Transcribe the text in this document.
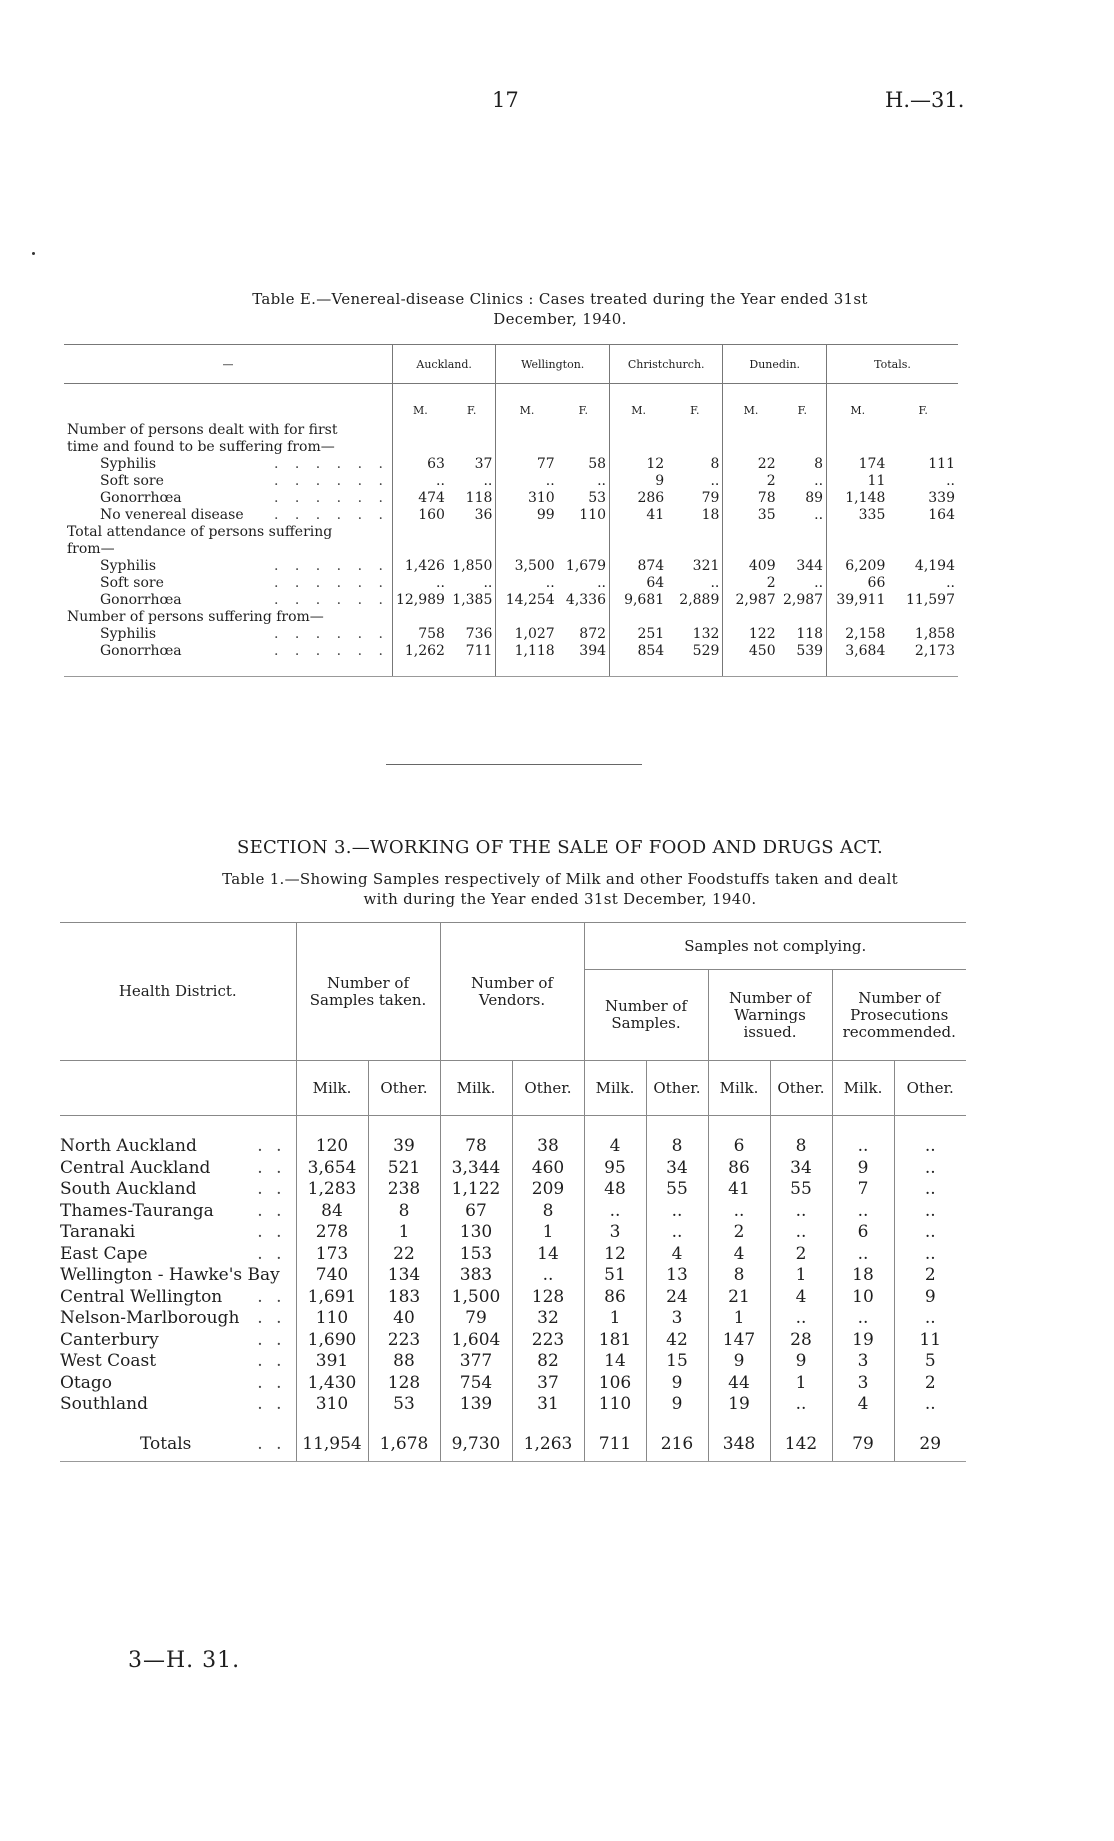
17	H.—31.
Table E.—Venereal-disease Clinics : Cases treated during the Year ended 31st
December, 1940.
—	Auckland.		Wellington.		Christchurch.		Dunedin.		Totals.	
	M.	F.	M.	F.	M.	F.	M.	F.	M.	F.
Number of persons dealt with for first										
time and found to be suffering from—										
Syphilis . . . . . .	63	37	77	58	12	8	22	8	174	111
Soft sore . . . . . .	..	..	..	..	9	..	2	..	11	..
Gonorrhœa . . . . . .	474	118	310	53	286	79	78	89	1,148	339
No venereal disease . . . . . .	160	36	99	110	41	18	35	..	335	164
Total attendance of persons suffering										
from—										
Syphilis . . . . . .	1,426	1,850	3,500	1,679	874	321	409	344	6,209	4,194
Soft sore . . . . . .	..	..	..	..	64	..	2	..	66	..
Gonorrhœa . . . . . .	12,989	1,385	14,254	4,336	9,681	2,889	2,987	2,987	39,911	11,597
Number of persons suffering from—										
Syphilis . . . . . .	758	736	1,027	872	251	132	122	118	2,158	1,858
Gonorrhœa . . . . . .	1,262	711	1,118	394	854	529	450	539	3,684	2,173
SECTION 3.—WORKING OF THE SALE OF FOOD AND DRUGS ACT.
Table 1.—Showing Samples respectively of Milk and other Foodstuffs taken and dealt
with during the Year ended 31st December, 1940.
Health District.	Number of Samples taken.		Number of Vendors.		Samples not complying.					
					Number of Samples.		Number of Warnings issued.		Number of Prosecutions recommended.	
	Milk.	Other.	Milk.	Other.	Milk.	Other.	Milk.	Other.	Milk.	Other.
North Auckland . .	120	39	78	38	4	8	6	8	..	..
Central Auckland . .	3,654	521	3,344	460	95	34	86	34	9	..
South Auckland . .	1,283	238	1,122	209	48	55	41	55	7	..
Thames-Tauranga . .	84	8	67	8	..	..	..	..	..	..
Taranaki . .	278	1	130	1	3	..	2	..	6	..
East Cape . .	173	22	153	14	12	4	4	2	..	..
Wellington - Hawke's Bay	740	134	383	..	51	13	8	1	18	2
Central Wellington . .	1,691	183	1,500	128	86	24	21	4	10	9
Nelson-Marlborough . .	110	40	79	32	1	3	1	..	..	..
Canterbury . .	1,690	223	1,604	223	181	42	147	28	19	11
West Coast . .	391	88	377	82	14	15	9	9	3	5
Otago . .	1,430	128	754	37	106	9	44	1	3	2
Southland . .	310	53	139	31	110	9	19	..	4	..
Totals . .	11,954	1,678	9,730	1,263	711	216	348	142	79	29
3—H. 31.
